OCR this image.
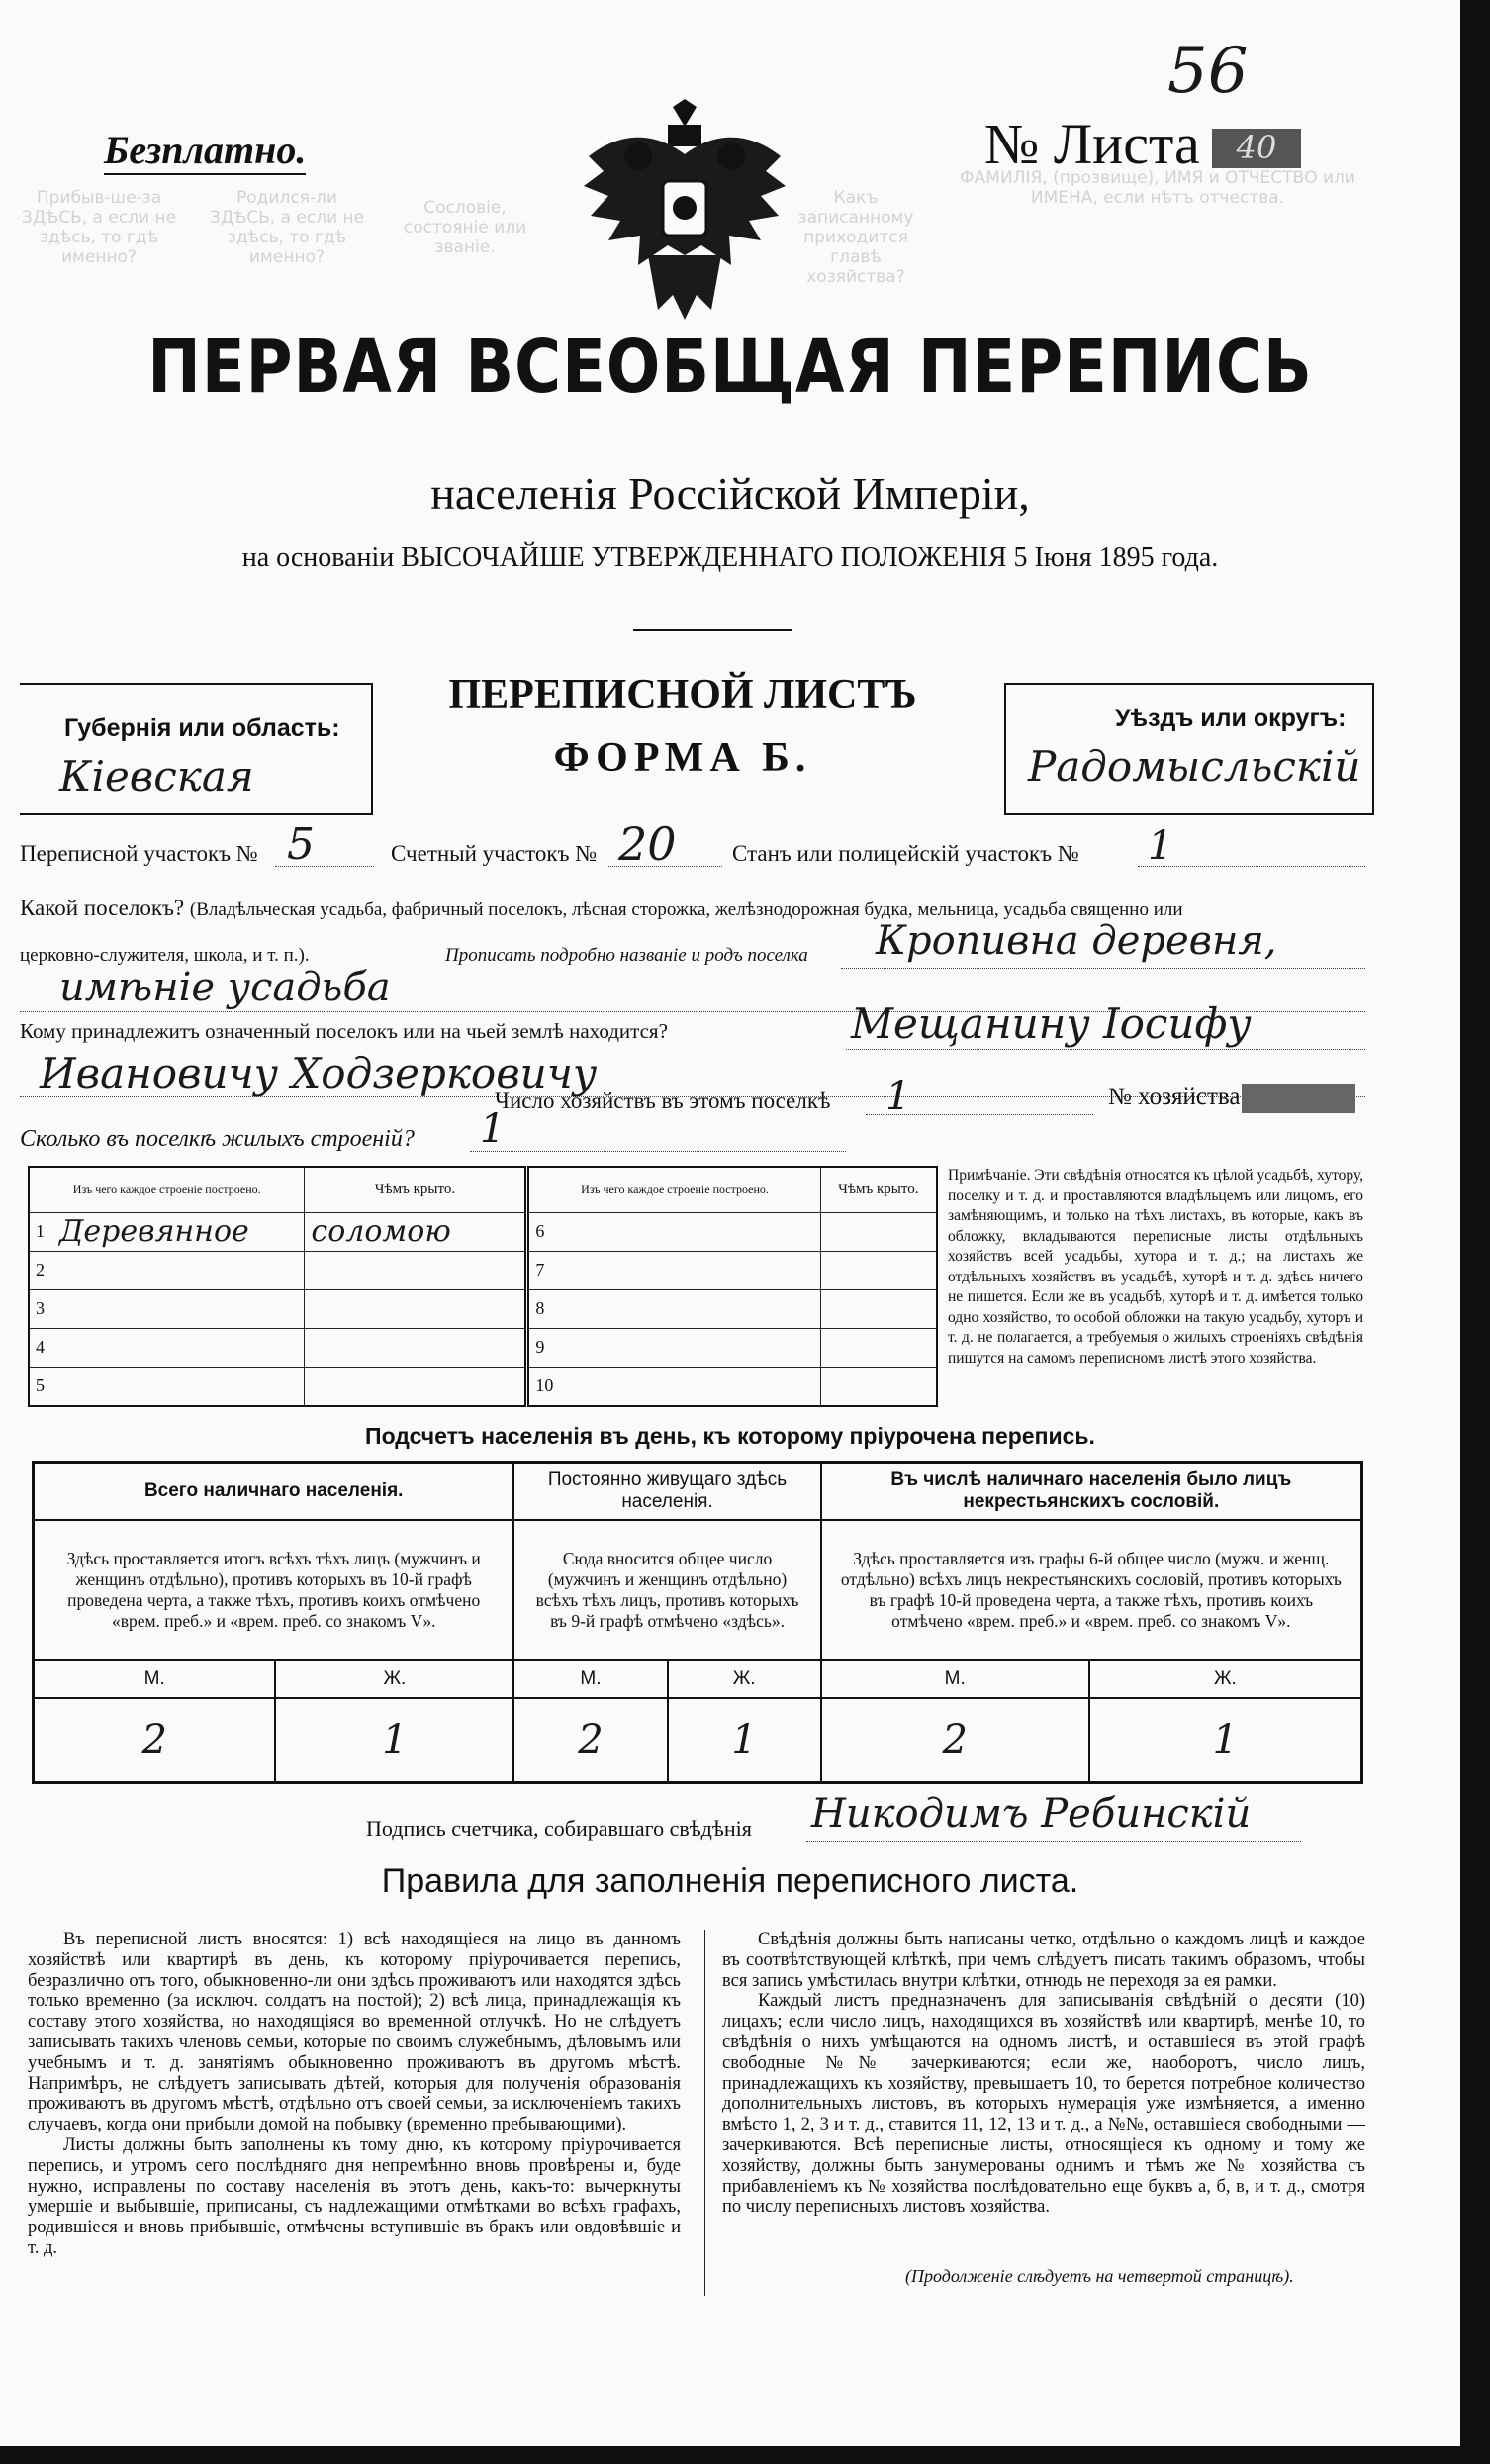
Прибыв-ше-за ЗДѢСЬ, а если не здѣсь, то гдѣ именно?
Родился-ли ЗДѢСЬ, а если не здѣсь, то гдѣ именно?
Сословіе, состояніе или званіе.
Какъ записанному приходится главѣ хозяйства?
ФАМИЛІЯ, (прозвище), ИМЯ и ОТЧЕСТВО или ИМЕНА, если нѣтъ отчества.
56
Безплатно.	№ Листа	40
ПЕРВАЯ ВСЕОБЩАЯ ПЕРЕПИСЬ
населенія Россійской Имперіи,
на основаніи ВЫСОЧАЙШЕ УТВЕРЖДЕННАГО ПОЛОЖЕНІЯ 5 Іюня 1895 года.
Губернія или область:
Кіевская
ПЕРЕПИСНОЙ ЛИСТЪ
ФОРМА Б.
Уѣздъ или округъ:
Радомысльскій
Переписной участокъ № 5	Счетный участокъ № 20 Станъ или полицейскій участокъ № 1
Какой поселокъ? (Владѣльческая усадьба, фабричный поселокъ, лѣсная сторожка, желѣзнодорожная будка, мельница, усадьба священно или
церковно-служителя, школа, и т. п.).	Прописать подробно названіе и родъ поселка Кропивна деревня,
имѣніе усадьба
Кому принадлежитъ означенный поселокъ или на чьей землѣ находится?	Мещанину Іосифу
Ивановичу Ходзерковичу
Число хозяйствъ въ этомъ поселкѣ 1	№ хозяйства
Сколько въ поселкѣ жилыхъ строеній? 1
Изъ чего каждое строеніе построено.		Чѣмъ крыто.	Изъ чего каждое строеніе построено.		Чѣмъ крыто.
1	Деревянное	соломою	6		
2			7		
3			8		
4			9		
5			10		
Примѣчаніе. Эти свѣдѣнія относятся къ цѣлой усадьбѣ, хутору, поселку и т. д. и проставляются владѣльцемъ или лицомъ, его замѣняющимъ, и только на тѣхъ листахъ, въ которые, какъ въ обложку, вкладываются переписные листы отдѣльныхъ хозяйствъ всей усадьбы, хутора и т. д.; на листахъ же отдѣльныхъ хозяйствъ въ усадьбѣ, хуторѣ и т. д. здѣсь ничего не пишется. Если же въ усадьбѣ, хуторѣ и т. д. имѣется только одно хозяйство, то особой обложки на такую усадьбу, хуторъ и т. д. не полагается, а требуемыя о жилыхъ строеніяхъ свѣдѣнія пишутся на самомъ переписномъ листѣ этого хозяйства.
Подсчетъ населенія въ день, къ которому пріурочена перепись.
Всего наличнаго населенія.		Постоянно живущаго здѣсь населенія.		Въ числѣ наличнаго населенія было лицъ некрестьянскихъ сословій.	
Здѣсь проставляется итогъ всѣхъ тѣхъ лицъ (мужчинъ и женщинъ отдѣльно), противъ которыхъ въ 10-й графѣ проведена черта, а также тѣхъ, противъ коихъ отмѣчено «врем. преб.» и «врем. преб. со знакомъ V».		Сюда вносится общее число (мужчинъ и женщинъ отдѣльно) всѣхъ тѣхъ лицъ, противъ которыхъ въ 9-й графѣ отмѣчено «здѣсь».		Здѣсь проставляется изъ графы 6-й общее число (мужч. и женщ. отдѣльно) всѣхъ лицъ некрестьянскихъ сословій, противъ которыхъ въ графѣ 10-й проведена черта, а также тѣхъ, противъ коихъ отмѣчено «врем. преб.» и «врем. преб. со знакомъ V».	
М.	Ж.	М.	Ж.	М.	Ж.
2	1	2	1	2	1
Подпись счетчика, собиравшаго свѣдѣнія Никодимъ Ребинскій
Правила для заполненія переписного листа.

Въ переписной листъ вносятся: 1) всѣ находящіеся на лицо въ данномъ хозяйствѣ или квартирѣ въ день, къ которому пріурочивается перепись, безразлично отъ того, обыкновенно-ли они здѣсь проживаютъ или находятся здѣсь только временно (за исключ. солдатъ на постой); 2) всѣ лица, принадлежащія къ составу этого хозяйства, но находящіяся во временной отлучкѣ. Но не слѣдуетъ записывать такихъ членовъ семьи, которые по своимъ служебнымъ, дѣловымъ или учебнымъ и т. д. занятіямъ обыкновенно проживаютъ въ другомъ мѣстѣ. Напримѣръ, не слѣдуетъ записывать дѣтей, которыя для полученія образованія проживаютъ въ другомъ мѣстѣ, отдѣльно отъ своей семьи, за исключеніемъ такихъ случаевъ, когда они прибыли домой на побывку (временно пребывающими).

Листы должны быть заполнены къ тому дню, къ которому пріурочивается перепись, и утромъ сего послѣдняго дня непремѣнно вновь провѣрены и, буде нужно, исправлены по составу населенія въ этотъ день, какъ-то: вычеркнуты умершіе и выбывшіе, приписаны, съ надлежащими отмѣтками во всѣхъ графахъ, родившіеся и вновь прибывшіе, отмѣчены вступившіе въ бракъ или овдовѣвшіе и т. д.

Свѣдѣнія должны быть написаны четко, отдѣльно о каждомъ лицѣ и каждое въ соотвѣтствующей клѣткѣ, при чемъ слѣдуетъ писать такимъ образомъ, чтобы вся запись умѣстилась внутри клѣтки, отнюдь не переходя за ея рамки.

Каждый листъ предназначенъ для записыванія свѣдѣній о десяти (10) лицахъ; если число лицъ, находящихся въ хозяйствѣ или квартирѣ, менѣе 10, то свѣдѣнія о нихъ умѣщаются на одномъ листѣ, и оставшіеся въ этой графѣ свободные №№ зачеркиваются; если же, наоборотъ, число лицъ, принадлежащихъ къ хозяйству, превышаетъ 10, то берется потребное количество дополнительныхъ листовъ, въ которыхъ нумерація уже измѣняется, а именно вмѣсто 1, 2, 3 и т. д., ставится 11, 12, 13 и т. д., а №№, оставшіеся свободными — зачеркиваются. Всѣ переписные листы, относящіеся къ одному и тому же хозяйству, должны быть занумерованы однимъ и тѣмъ же № хозяйства съ прибавленіемъ къ № хозяйства послѣдовательно еще буквъ а, б, в, и т. д., смотря по числу переписныхъ листовъ хозяйства.

(Продолженіе слѣдуетъ на четвертой страницѣ).
